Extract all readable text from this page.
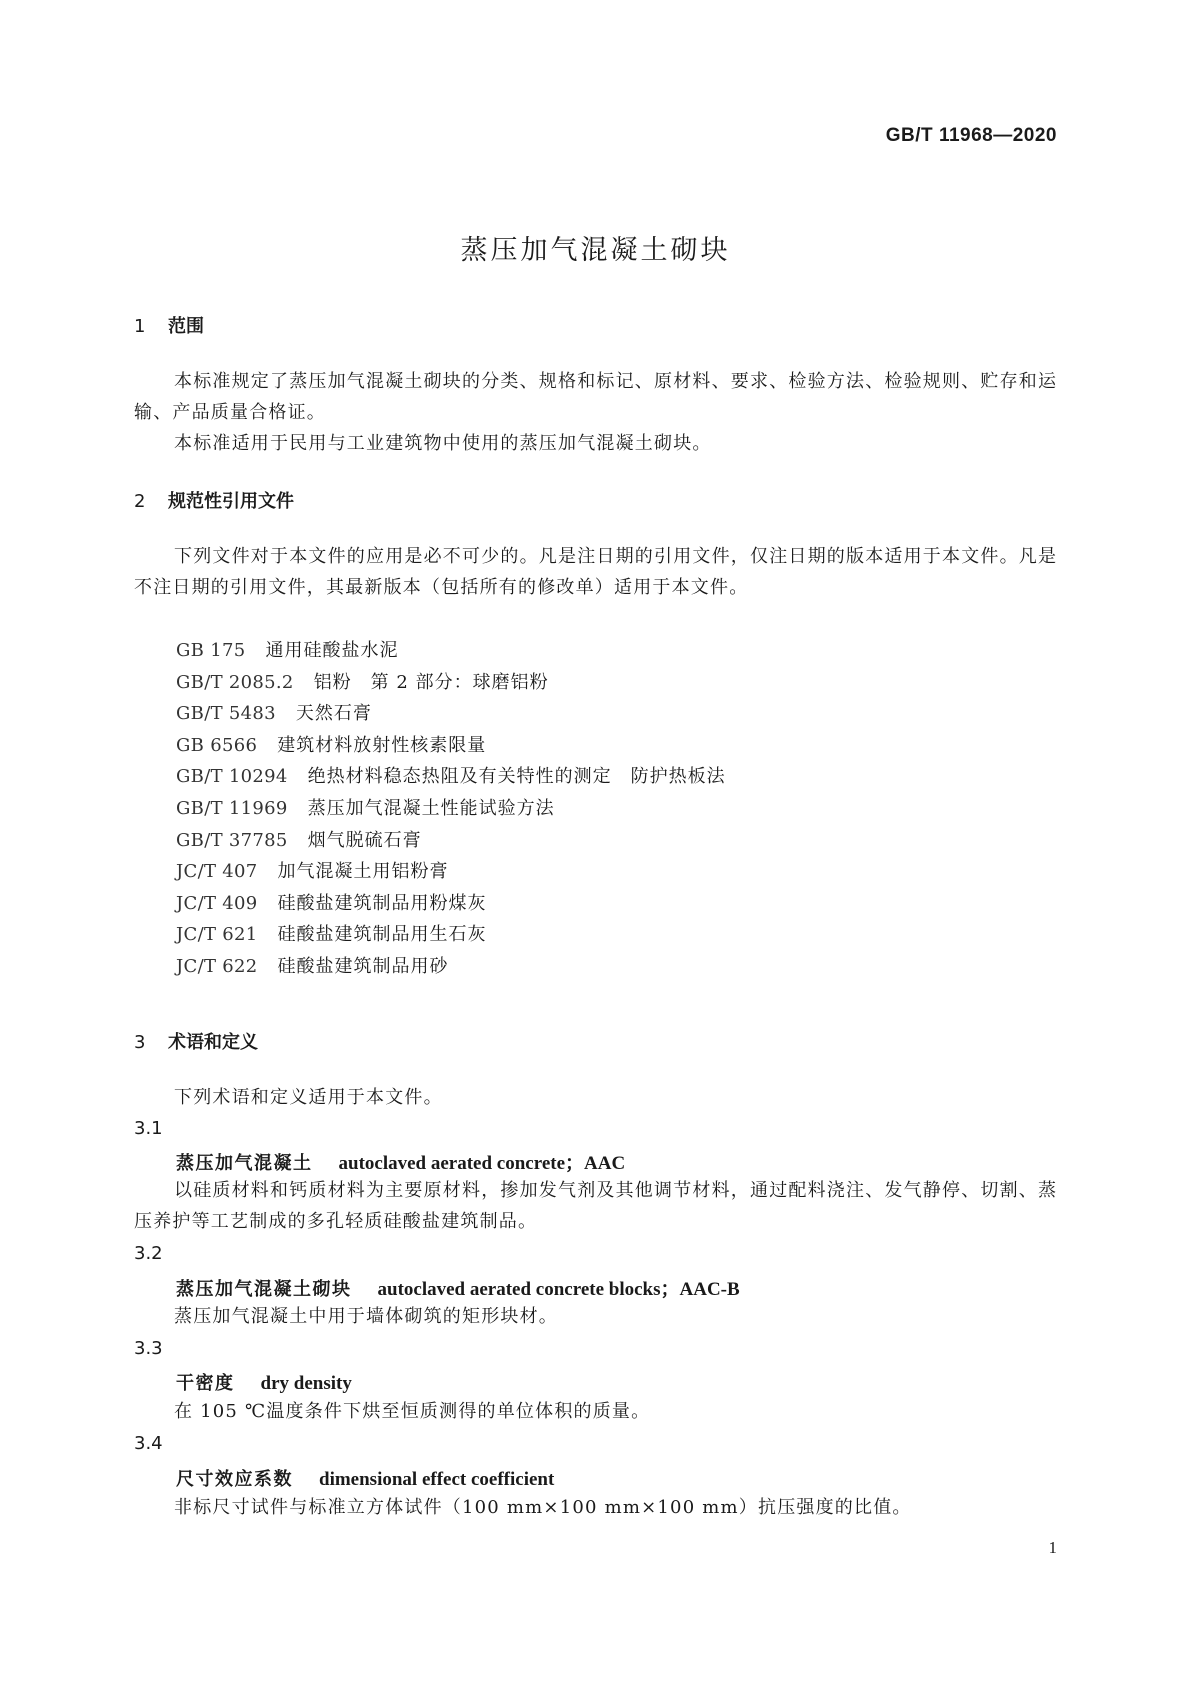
GB/T 11968—2020
蒸压加气混凝土砌块
1 范围
本标准规定了蒸压加气混凝土砌块的分类、规格和标记、原材料、要求、检验方法、检验规则、贮存和运输、产品质量合格证。
本标准适用于民用与工业建筑物中使用的蒸压加气混凝土砌块。
2 规范性引用文件
下列文件对于本文件的应用是必不可少的。凡是注日期的引用文件，仅注日期的版本适用于本文件。凡是不注日期的引用文件，其最新版本（包括所有的修改单）适用于本文件。
GB 175 通用硅酸盐水泥
GB/T 2085.2 铝粉　第 2 部分：球磨铝粉
GB/T 5483 天然石膏
GB 6566 建筑材料放射性核素限量
GB/T 10294 绝热材料稳态热阻及有关特性的测定　防护热板法
GB/T 11969 蒸压加气混凝土性能试验方法
GB/T 37785 烟气脱硫石膏
JC/T 407 加气混凝土用铝粉膏
JC/T 409 硅酸盐建筑制品用粉煤灰
JC/T 621 硅酸盐建筑制品用生石灰
JC/T 622 硅酸盐建筑制品用砂
3 术语和定义
下列术语和定义适用于本文件。
3.1
蒸压加气混凝土 autoclaved aerated concrete；AAC
以硅质材料和钙质材料为主要原材料，掺加发气剂及其他调节材料，通过配料浇注、发气静停、切割、蒸压养护等工艺制成的多孔轻质硅酸盐建筑制品。
3.2
蒸压加气混凝土砌块 autoclaved aerated concrete blocks；AAC-B
蒸压加气混凝土中用于墙体砌筑的矩形块材。
3.3
干密度 dry density
在 105 ℃温度条件下烘至恒质测得的单位体积的质量。
3.4
尺寸效应系数 dimensional effect coefficient
非标尺寸试件与标准立方体试件（100 mm×100 mm×100 mm）抗压强度的比值。
1
